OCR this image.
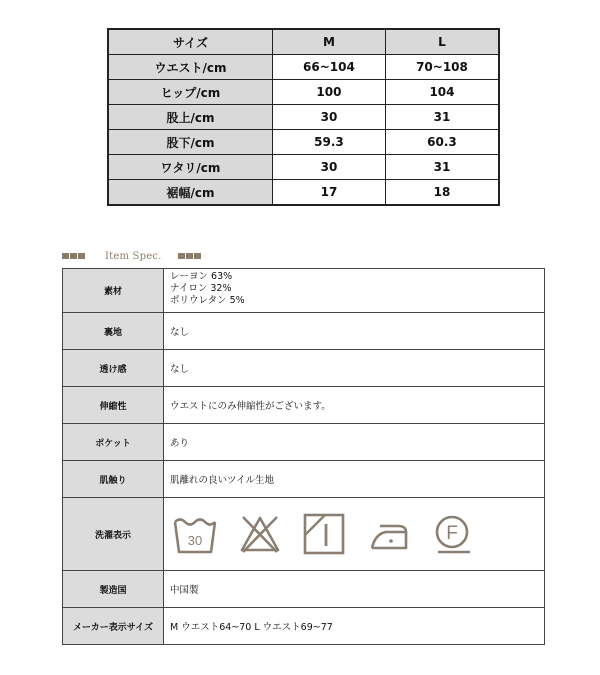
サイズ	M	L
ウエスト/cm	66~104	70~108
ヒップ/cm	100	104
股上/cm	30	31
股下/cm	59.3	60.3
ワタリ/cm	30	31
裾幅/cm	17	18
Item Spec.
素材	レーヨン 63%
ナイロン 32%
ポリウレタン 5%

裏地	なし
透け感	なし
伸縮性	ウエストにのみ伸縮性がございます。
ポケット	あり
肌触り	肌離れの良いツイル生地
洗濯表示	30 F

製造国	中国製
メーカー表示サイズ	M ウエスト64~70 L ウエスト69~77
